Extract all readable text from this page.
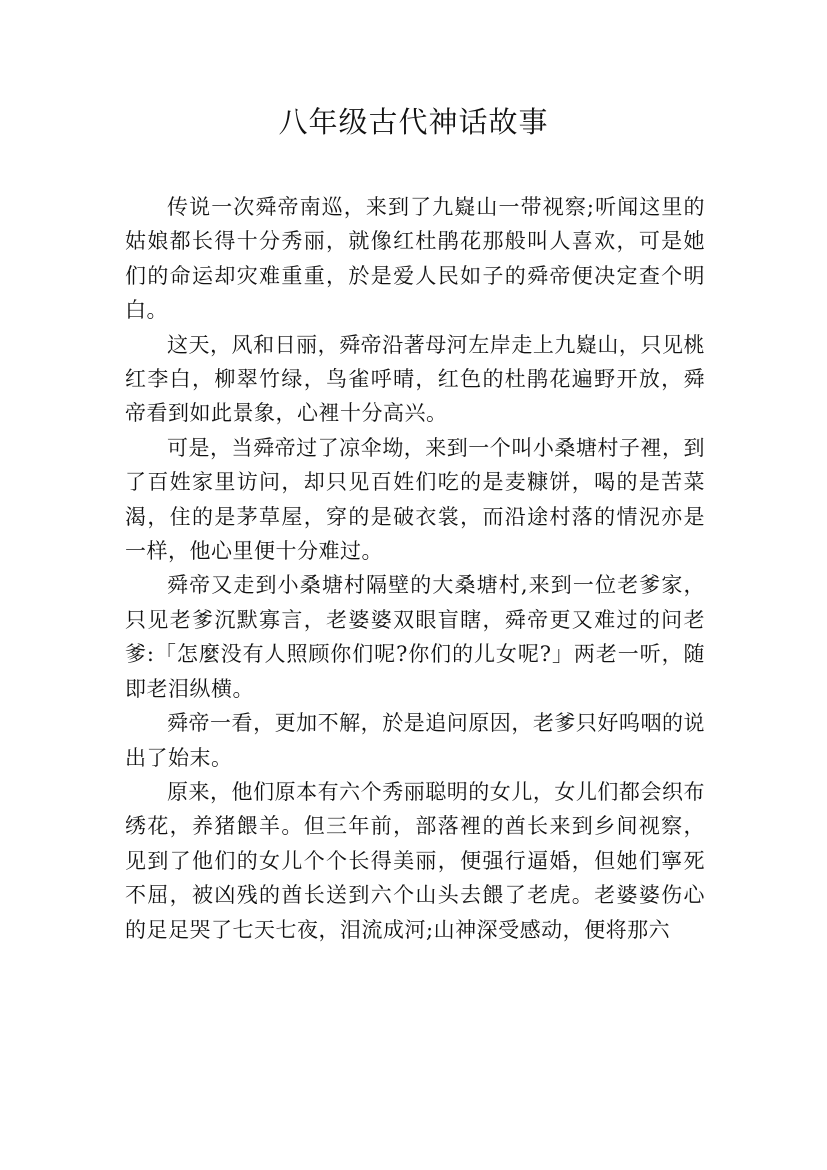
八年级古代神话故事

传说一次舜帝南巡，来到了九嶷山一带视察;听闻这里的姑娘都长得十分秀丽，就像红杜鹃花那般叫人喜欢，可是她们的命运却灾难重重，於是爱人民如子的舜帝便决定查个明白。

这天，风和日丽，舜帝沿著母河左岸走上九嶷山，只见桃红李白，柳翠竹绿，鸟雀呼晴，红色的杜鹃花遍野开放，舜帝看到如此景象，心裡十分高兴。

可是，当舜帝过了凉伞坳，来到一个叫小桑塘村子裡，到了百姓家里访问，却只见百姓们吃的是麦糠饼，喝的是苦菜渴，住的是茅草屋，穿的是破衣裳，而沿途村落的情況亦是一样，他心里便十分难过。

舜帝又走到小桑塘村隔壁的大桑塘村,来到一位老爹家，只见老爹沉默寡言，老婆婆双眼盲瞎，舜帝更又难过的问老爹:「怎麼没有人照顾你们呢?你们的儿女呢?」两老一听，随即老泪纵横。

舜帝一看，更加不解，於是追问原因，老爹只好呜咽的说出了始末。

原来，他们原本有六个秀丽聪明的女儿，女儿们都会织布绣花，养猪餵羊。但三年前，部落裡的酋长来到乡间视察，见到了他们的女儿个个长得美丽，便强行逼婚，但她们寧死不屈，被凶残的酋长送到六个山头去餵了老虎。老婆婆伤心的足足哭了七天七夜，泪流成河;山神深受感动，便将那六
